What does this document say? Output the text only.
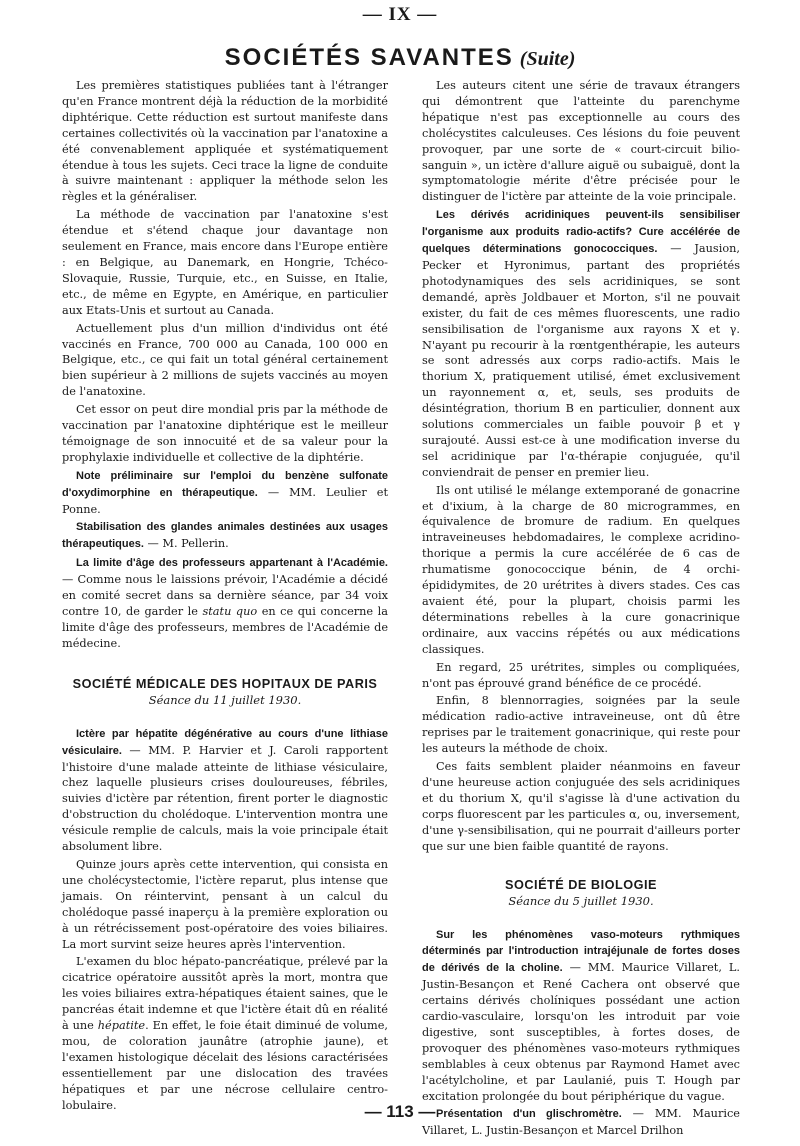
— IX —
SOCIÉTÉS SAVANTES (Suite)

Les premières statistiques publiées tant à l'étranger qu'en France montrent déjà la réduction de la morbidité diphtérique. Cette réduction est surtout manifeste dans certaines collectivités où la vaccination par l'anatoxine a été convenablement appliquée et systématiquement étendue à tous les sujets. Ceci trace la ligne de conduite à suivre maintenant : appliquer la méthode selon les règles et la généraliser.

La méthode de vaccination par l'anatoxine s'est étendue et s'étend chaque jour davantage non seulement en France, mais encore dans l'Europe entière : en Belgique, au Danemark, en Hongrie, Tchéco-Slovaquie, Russie, Turquie, etc., en Suisse, en Italie, etc., de même en Egypte, en Amérique, en particulier aux Etats-Unis et surtout au Canada.

Actuellement plus d'un million d'individus ont été vaccinés en France, 700 000 au Canada, 100 000 en Belgique, etc., ce qui fait un total général certainement bien supérieur à 2 millions de sujets vaccinés au moyen de l'anatoxine.

Cet essor on peut dire mondial pris par la méthode de vaccination par l'anatoxine diphtérique est le meilleur témoignage de son innocuité et de sa valeur pour la prophylaxie individuelle et collective de la diphtérie.

Note préliminaire sur l'emploi du benzène sulfonate d'oxydimorphine en thérapeutique. — MM. Leulier et Ponne.

Stabilisation des glandes animales destinées aux usages thérapeutiques. — M. Pellerin.

La limite d'âge des professeurs appartenant à l'Académie. — Comme nous le laissions prévoir, l'Académie a décidé en comité secret dans sa dernière séance, par 34 voix contre 10, de garder le statu quo en ce qui concerne la limite d'âge des professeurs, membres de l'Académie de médecine.

SOCIÉTÉ MÉDICALE DES HOPITAUX DE PARIS

Séance du 11 juillet 1930.

Ictère par hépatite dégénérative au cours d'une lithiase vésiculaire. — MM. P. Harvier et J. Caroli rapportent l'histoire d'une malade atteinte de lithiase vésiculaire, chez laquelle plusieurs crises douloureuses, fébriles, suivies d'ictère par rétention, firent porter le diagnostic d'obstruction du cholédoque. L'intervention montra une vésicule remplie de calculs, mais la voie principale était absolument libre.

Quinze jours après cette intervention, qui consista en une cholécystectomie, l'ictère reparut, plus intense que jamais. On réintervint, pensant à un calcul du cholédoque passé inaperçu à la première exploration ou à un rétrécissement post-opératoire des voies biliaires. La mort survint seize heures après l'intervention.

L'examen du bloc hépato-pancréatique, prélevé par la cicatrice opératoire aussitôt après la mort, montra que les voies biliaires extra-hépatiques étaient saines, que le pancréas était indemne et que l'ictère était dû en réalité à une hépatite. En effet, le foie était diminué de volume, mou, de coloration jaunâtre (atrophie jaune), et l'examen histologique décelait des lésions caractérisées essentiellement par une dislocation des travées hépatiques et par une nécrose cellulaire centro-lobulaire.

Les auteurs citent une série de travaux étrangers qui démontrent que l'atteinte du parenchyme hépatique n'est pas exceptionnelle au cours des cholécystites calculeuses. Ces lésions du foie peuvent provoquer, par une sorte de « court-circuit bilio-sanguin », un ictère d'allure aiguë ou subaiguë, dont la symptomatologie mérite d'être précisée pour le distinguer de l'ictère par atteinte de la voie principale.

Les dérivés acridiniques peuvent-ils sensibiliser l'organisme aux produits radio-actifs? Cure accélérée de quelques déterminations gonococciques. — Jausion, Pecker et Hyronimus, partant des propriétés photodynamiques des sels acridiniques, se sont demandé, après Joldbauer et Morton, s'il ne pouvait exister, du fait de ces mêmes fluorescents, une radio sensibilisation de l'organisme aux rayons X et γ. N'ayant pu recourir à la rœntgenthérapie, les auteurs se sont adressés aux corps radio-actifs. Mais le thorium X, pratiquement utilisé, émet exclusivement un rayonnement α, et, seuls, ses produits de désintégration, thorium B en particulier, donnent aux solutions commerciales un faible pouvoir β et γ surajouté. Aussi est-ce à une modification inverse du sel acridinique par l'α-thérapie conjuguée, qu'il conviendrait de penser en premier lieu.

Ils ont utilisé le mélange extemporané de gonacrine et d'ixium, à la charge de 80 microgrammes, en équivalence de bromure de radium. En quelques intraveineuses hebdomadaires, le complexe acridino-thorique a permis la cure accélérée de 6 cas de rhumatisme gonococcique bénin, de 4 orchi-épididymites, de 20 urétrites à divers stades. Ces cas avaient été, pour la plupart, choisis parmi les déterminations rebelles à la cure gonacrinique ordinaire, aux vaccins répétés ou aux médications classiques.

En regard, 25 urétrites, simples ou compliquées, n'ont pas éprouvé grand bénéfice de ce procédé.

Enfin, 8 blennorragies, soignées par la seule médication radio-active intraveineuse, ont dû être reprises par le traitement gonacrinique, qui reste pour les auteurs la méthode de choix.

Ces faits semblent plaider néanmoins en faveur d'une heureuse action conjuguée des sels acridiniques et du thorium X, qu'il s'agisse là d'une activation du corps fluorescent par les particules α, ou, inversement, d'une γ-sensibilisation, qui ne pourrait d'ailleurs porter que sur une bien faible quantité de rayons.

SOCIÉTÉ DE BIOLOGIE

Séance du 5 juillet 1930.

Sur les phénomènes vaso-moteurs rythmiques déterminés par l'introduction intrajéjunale de fortes doses de dérivés de la choline. — MM. Maurice Villaret, L. Justin-Besançon et René Cachera ont observé que certains dérivés cholíniques possédant une action cardio-vasculaire, lorsqu'on les introduit par voie digestive, sont susceptibles, à fortes doses, de provoquer des phénomènes vaso-moteurs rythmiques semblables à ceux obtenus par Raymond Hamet avec l'acétylcholine, et par Laulanié, puis T. Hough par excitation prolongée du bout périphérique du vague.

Présentation d'un glischromètre. — MM. Maurice Villaret, L. Justin-Besançon et Marcel Drilhon

— 113 —
